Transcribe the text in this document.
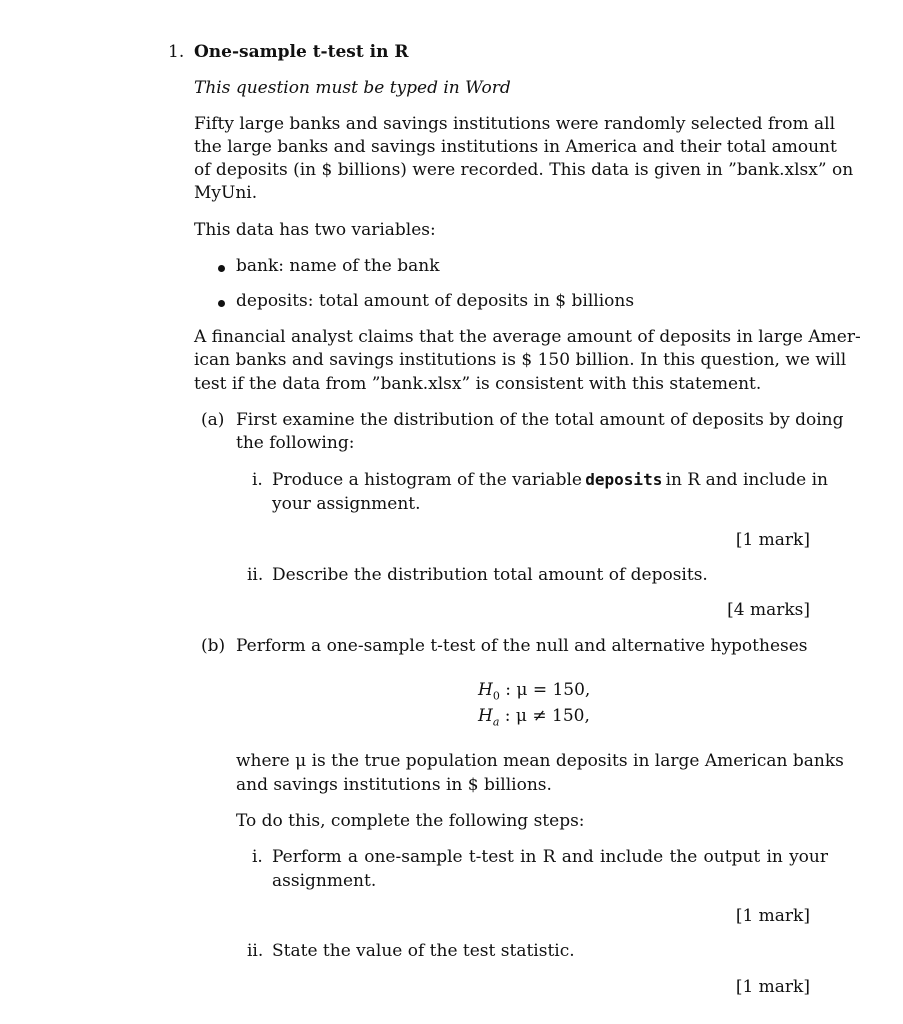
1. One-sample t-test in R
This question must be typed in Word
Fifty large banks and savings institutions were randomly selected from all
the large banks and savings institutions in America and their total amount
of deposits (in $ billions) were recorded. This data is given in ”bank.xlsx” on
MyUni.
This data has two variables:
bank: name of the bank
deposits: total amount of deposits in $ billions
A financial analyst claims that the average amount of deposits in large Amer-
ican banks and savings institutions is $ 150 billion. In this question, we will
test if the data from ”bank.xlsx” is consistent with this statement.
(a) First examine the distribution of the total amount of deposits by doing
the following:
i. Produce a histogram of the variable deposits in R and include in
your assignment.
[1 mark]
ii. Describe the distribution total amount of deposits.
[4 marks]
(b) Perform a one-sample t-test of the null and alternative hypotheses
$H_0$ : μ = 150,
$H_a$ : μ ≠ 150,
where μ is the true population mean deposits in large American banks
and savings institutions in $ billions.
To do this, complete the following steps:
i. Perform a one-sample t-test in R and include the output in your
assignment.
[1 mark]
ii. State the value of the test statistic.
[1 mark]
